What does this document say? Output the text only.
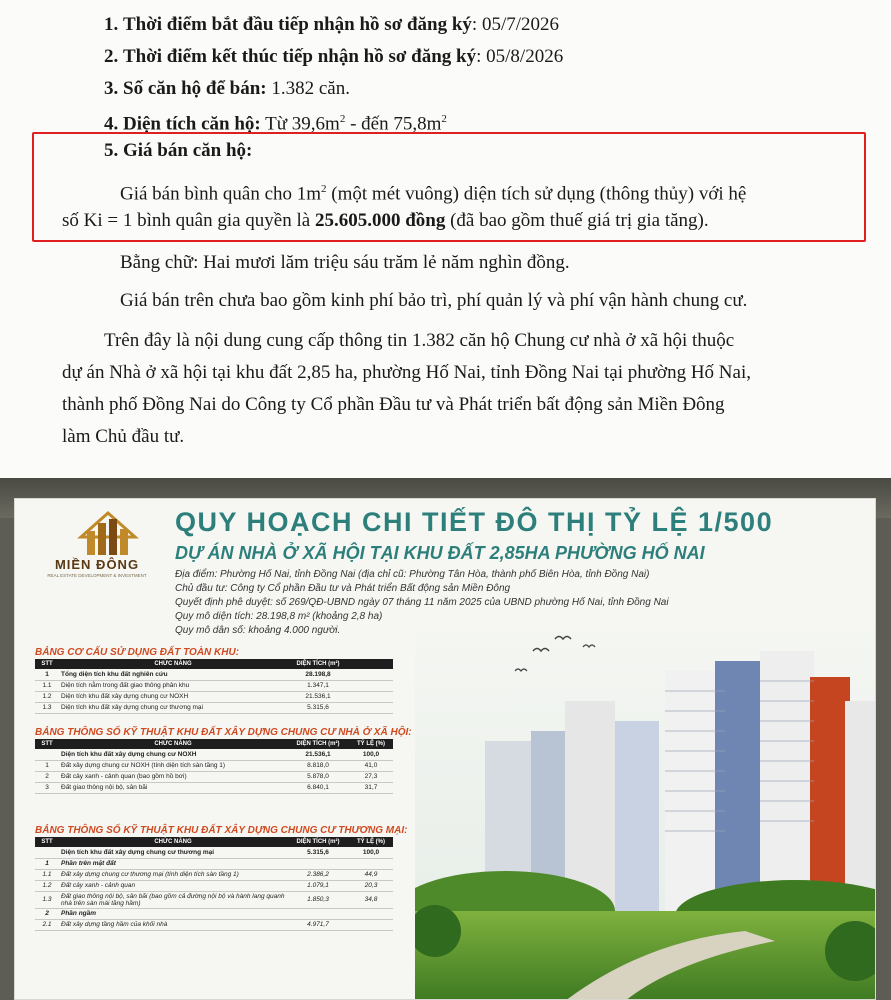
1. Thời điểm bắt đầu tiếp nhận hồ sơ đăng ký: 05/7/2026

2. Thời điểm kết thúc tiếp nhận hồ sơ đăng ký: 05/8/2026

3. Số căn hộ để bán: 1.382 căn.

4. Diện tích căn hộ: Từ $39,6m^2$ - đến $75,8m^2$

5. Giá bán căn hộ:

Giá bán bình quân cho $1m^2$ (một mét vuông) diện tích sử dụng (thông thủy) với hệ

số Ki = 1 bình quân gia quyền là 25.605.000 đồng (đã bao gồm thuế giá trị gia tăng).

Bằng chữ: Hai mươi lăm triệu sáu trăm lẻ năm nghìn đồng.

Giá bán trên chưa bao gồm kinh phí bảo trì, phí quản lý và phí vận hành chung cư.

Trên đây là nội dung cung cấp thông tin 1.382 căn hộ Chung cư nhà ở xã hội thuộc

dự án Nhà ở xã hội tại khu đất 2,85 ha, phường Hố Nai, tỉnh Đồng Nai tại phường Hố Nai,

thành phố Đồng Nai do Công ty Cổ phần Đầu tư và Phát triển bất động sản Miền Đông

làm Chủ đầu tư.

MIỀN ĐÔNG
REAL ESTATE DEVELOPMENT & INVESTMENT
QUY HOẠCH CHI TIẾT ĐÔ THỊ TỶ LỆ 1/500
DỰ ÁN NHÀ Ở XÃ HỘI TẠI KHU ĐẤT 2,85HA PHƯỜNG HỐ NAI
Địa điểm: Phường Hố Nai, tỉnh Đồng Nai (địa chỉ cũ: Phường Tân Hòa, thành phố Biên Hòa, tỉnh Đồng Nai)
Chủ đầu tư: Công ty Cổ phần Đầu tư và Phát triển Bất động sản Miền Đông
Quyết định phê duyệt: số 269/QĐ-UBND ngày 07 tháng 11 năm 2025 của UBND phường Hố Nai, tỉnh Đồng Nai
Quy mô diện tích: 28.198,8 m² (khoảng 2,8 ha)
Quy mô dân số: khoảng 4.000 người.
BẢNG CƠ CẤU SỬ DỤNG ĐẤT TOÀN KHU:
STT	CHỨC NĂNG	DIỆN TÍCH (m²)	
1	Tổng diện tích khu đất nghiên cứu	28.198,8	
1.1	Diện tích nằm trong đất giao thông phân khu	1.347,1	
1.2	Diện tích khu đất xây dựng chung cư NOXH	21.536,1	
1.3	Diện tích khu đất xây dựng chung cư thương mại	5.315,6	
BẢNG THÔNG SỐ KỸ THUẬT KHU ĐẤT XÂY DỰNG CHUNG CƯ NHÀ Ở XÃ HỘI:
STT	CHỨC NĂNG	DIỆN TÍCH (m²)	TỶ LỆ (%)
	Diện tích khu đất xây dựng chung cư NOXH	21.536,1	100,0
1	Đất xây dựng chung cư NOXH (tính diện tích sàn tầng 1)	8.818,0	41,0
2	Đất cây xanh - cảnh quan (bao gồm hồ bơi)	5.878,0	27,3
3	Đất giao thông nội bộ, sân bãi	6.840,1	31,7
BẢNG THÔNG SỐ KỸ THUẬT KHU ĐẤT XÂY DỰNG CHUNG CƯ THƯƠNG MẠI:
STT	CHỨC NĂNG	DIỆN TÍCH (m²)	TỶ LỆ (%)
	Diện tích khu đất xây dựng chung cư thương mại	5.315,6	100,0
1	Phần trên mặt đất		
1.1	Đất xây dựng chung cư thương mại (tính diện tích sàn tầng 1)	2.386,2	44,9
1.2	Đất cây xanh - cảnh quan	1.079,1	20,3
1.3	Đất giao thông nội bộ, sân bãi (bao gồm cả đường nội bộ và hành lang quanh nhà trên sàn mái tầng hầm)	1.850,3	34,8
2	Phần ngầm		
2.1	Đất xây dựng tầng hầm của khối nhà	4.971,7	
